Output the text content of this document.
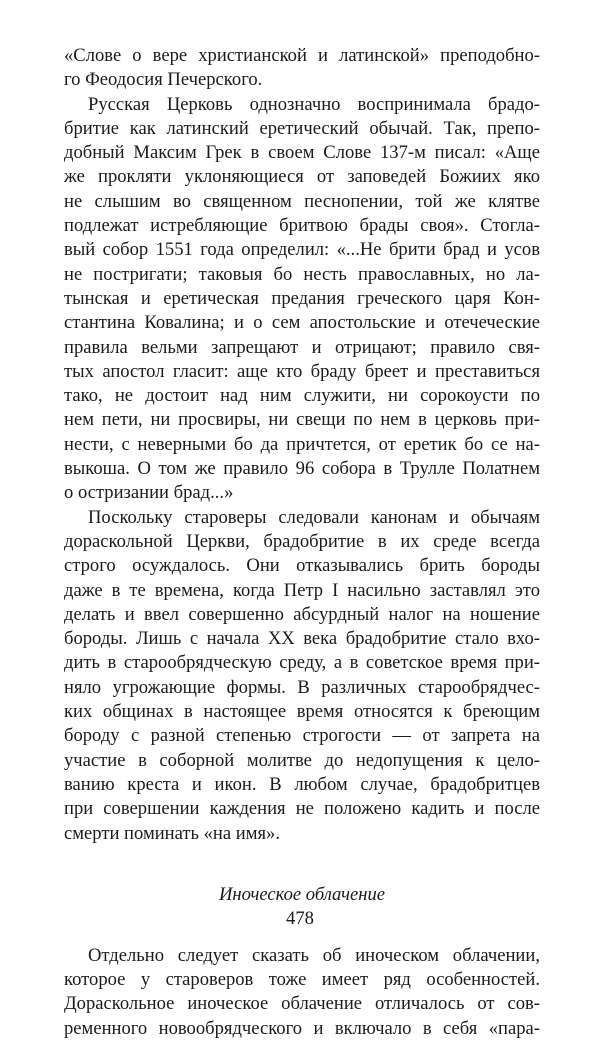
«Слове о вере христианской и латинской» преподобно-
го Феодосия Печерского.
Русская Церковь однозначно воспринимала брадо-
бритие как латинский еретический обычай. Так, препо-
добный Максим Грек в своем Слове 137-м писал: «Аще
же прокляти уклоняющиеся от заповедей Божиих яко
не слышим во священном песнопении, той же клятве
подлежат истребляющие бритвою брады своя». Стогла-
вый собор 1551 года определил: «...Не брити брад и усов
не постригати; таковыя бо несть православных, но ла-
тынская и еретическая предания греческого царя Кон-
стантина Ковалина; и о сем апостольские и отечеческие
правила вельми запрещают и отрицают; правило свя-
тых апостол гласит: аще кто браду бреет и преставиться
тако, не достоит над ним служити, ни сорокоусти по
нем пети, ни просвиры, ни свещи по нем в церковь при-
нести, с неверными бо да причтется, от еретик бо се на-
выкоша. О том же правило 96 собора в Трулле Полатнем
о остризании брад...»
Поскольку староверы следовали канонам и обычаям
дораскольной Церкви, брадобритие в их среде всегда
строго осуждалось. Они отказывались брить бороды
даже в те времена, когда Петр I насильно заставлял это
делать и ввел совершенно абсурдный налог на ношение
бороды. Лишь с начала XX века брадобритие стало вхо-
дить в старообрядческую среду, а в советское время при-
няло угрожающие формы. В различных старообрядчес-
ких общинах в настоящее время относятся к бреющим
бороду с разной степенью строгости — от запрета на
участие в соборной молитве до недопущения к цело-
ванию креста и икон. В любом случае, брадобритцев
при совершении каждения не положено кадить и после
смерти поминать «на имя».
Иноческое облачение
Отдельно следует сказать об иноческом облачении,
которое у староверов тоже имеет ряд особенностей.
Дораскольное иноческое облачение отличалось от сов-
ременного новообрядческого и включало в себя «пара-
478
